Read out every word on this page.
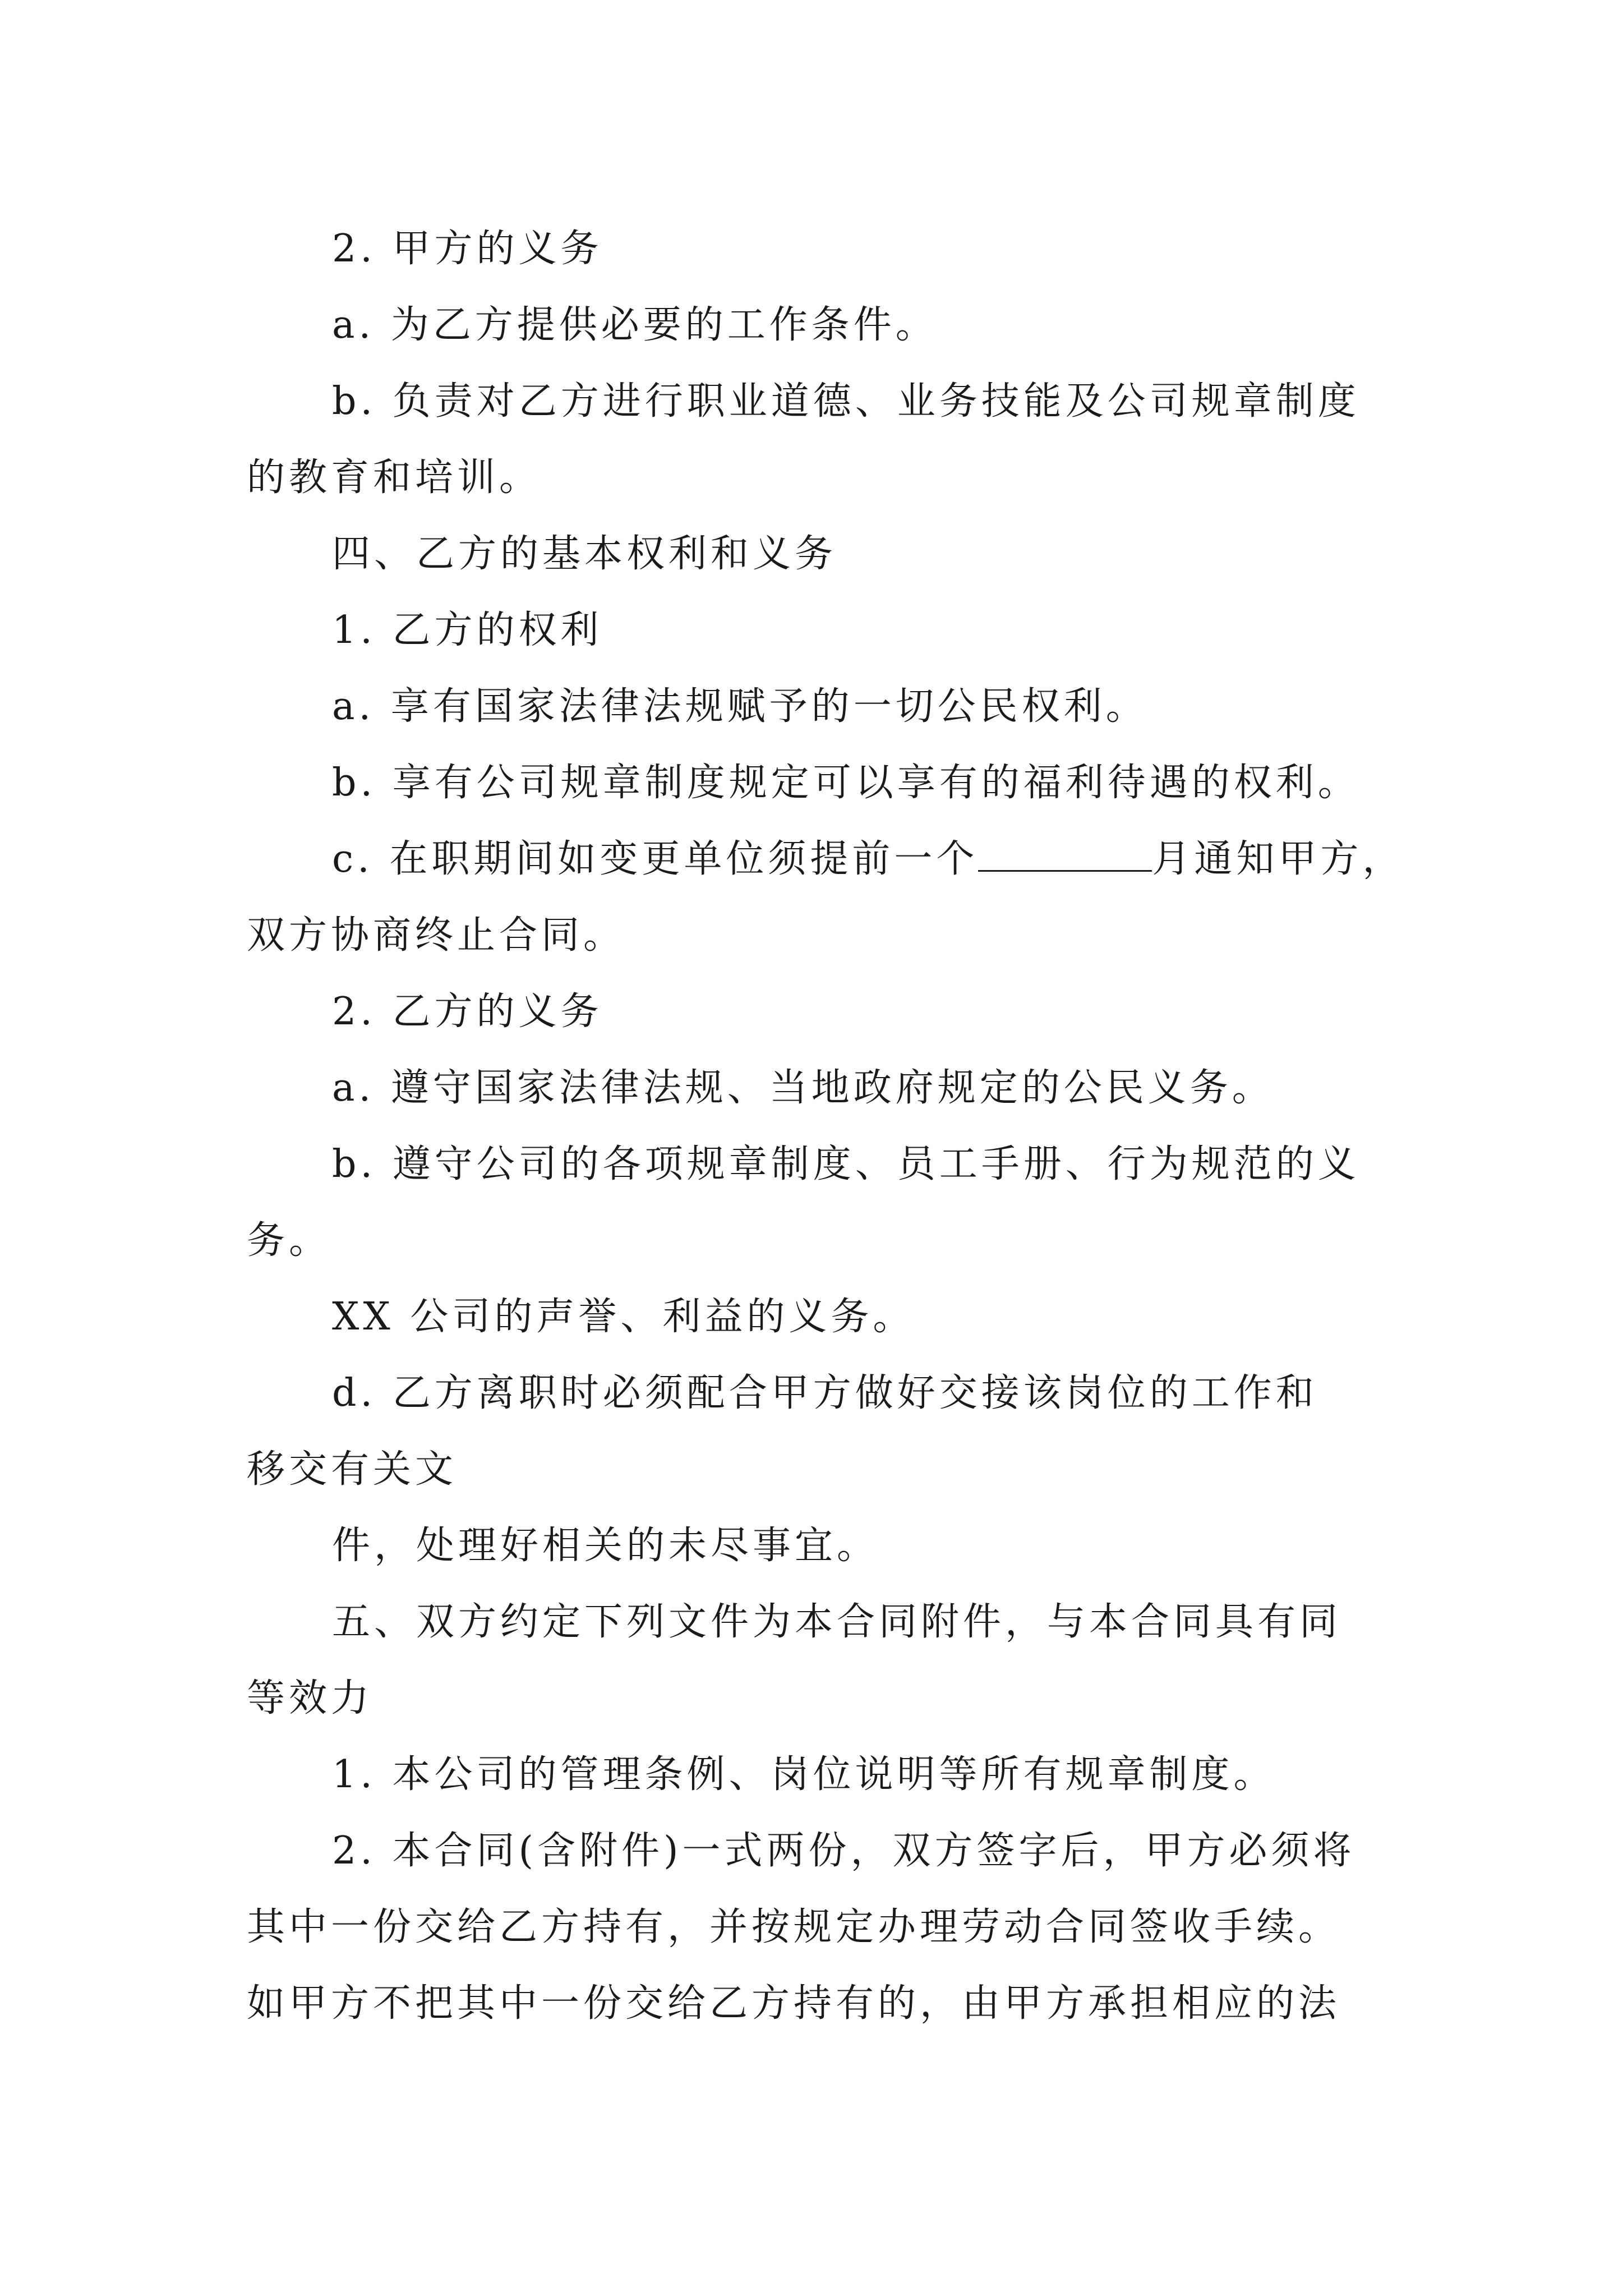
2. 甲方的义务
a. 为乙方提供必要的工作条件。
b. 负责对乙方进行职业道德、业务技能及公司规章制度
的教育和培训。
四、乙方的基本权利和义务
1. 乙方的权利
a. 享有国家法律法规赋予的一切公民权利。
b. 享有公司规章制度规定可以享有的福利待遇的权利。
c. 在职期间如变更单位须提前一个	月通知甲方，
双方协商终止合同。
2. 乙方的义务
a. 遵守国家法律法规、当地政府规定的公民义务。
b. 遵守公司的各项规章制度、员工手册、行为规范的义
务。
XX 公司的声誉、利益的义务。
d. 乙方离职时必须配合甲方做好交接该岗位的工作和
移交有关文
件，处理好相关的未尽事宜。
五、双方约定下列文件为本合同附件，与本合同具有同
等效力
1. 本公司的管理条例、岗位说明等所有规章制度。
2. 本合同(含附件)一式两份，双方签字后，甲方必须将
其中一份交给乙方持有，并按规定办理劳动合同签收手续。
如甲方不把其中一份交给乙方持有的，由甲方承担相应的法
